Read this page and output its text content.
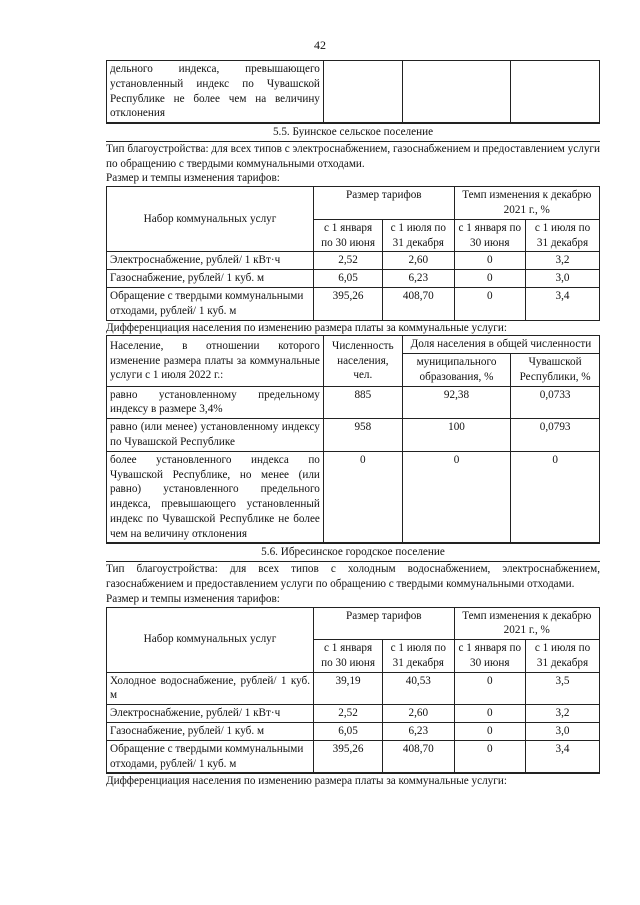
42
дельного индекса, превышающего установленный индекс по Чувашской Республике не более чем на величину отклонения			
5.5. Буинское сельское поселение
Тип благоустройства: для всех типов с электроснабжением, газоснабжением и предоставлением услуги по обращению с твердыми коммунальными отходами.
Размер и темпы изменения тарифов:
Набор коммунальных услуг	Размер тарифов		Темп изменения к декабрю 2021 г., %	
	с 1 января по 30 июня	с 1 июля по 31 декабря	с 1 января по 30 июня	с 1 июля по 31 декабря
Электроснабжение, рублей/ 1 кВт·ч	2,52	2,60	0	3,2
Газоснабжение, рублей/ 1 куб. м	6,05	6,23	0	3,0
Обращение с твердыми коммунальными отходами, рублей/ 1 куб. м	395,26	408,70	0	3,4
Дифференциация населения по изменению размера платы за коммунальные услуги:
Население, в отношении которого изменение размера платы за коммунальные услуги с 1 июля 2022 г.:	Численность населения, чел.	Доля населения в общей численности	
		муниципального образования, %	Чувашской Республики, %
равно установленному предельному индексу в размере 3,4%	885	92,38	0,0733
равно (или менее) установленному индексу по Чувашской Республике	958	100	0,0793
более установленного индекса по Чувашской Республике, но менее (или равно) установленного предельного индекса, превышающего установленный индекс по Чувашской Республике не более чем на величину отклонения	0	0	0
5.6. Ибресинское городское поселение
Тип благоустройства: для всех типов с холодным водоснабжением, электроснабжением, газоснабжением и предоставлением услуги по обращению с твердыми коммунальными отходами.
Размер и темпы изменения тарифов:
Набор коммунальных услуг	Размер тарифов		Темп изменения к декабрю 2021 г., %	
	с 1 января по 30 июня	с 1 июля по 31 декабря	с 1 января по 30 июня	с 1 июля по 31 декабря
Холодное водоснабжение, рублей/ 1 куб. м	39,19	40,53	0	3,5
Электроснабжение, рублей/ 1 кВт·ч	2,52	2,60	0	3,2
Газоснабжение, рублей/ 1 куб. м	6,05	6,23	0	3,0
Обращение с твердыми коммунальными отходами, рублей/ 1 куб. м	395,26	408,70	0	3,4
Дифференциация населения по изменению размера платы за коммунальные услуги:
